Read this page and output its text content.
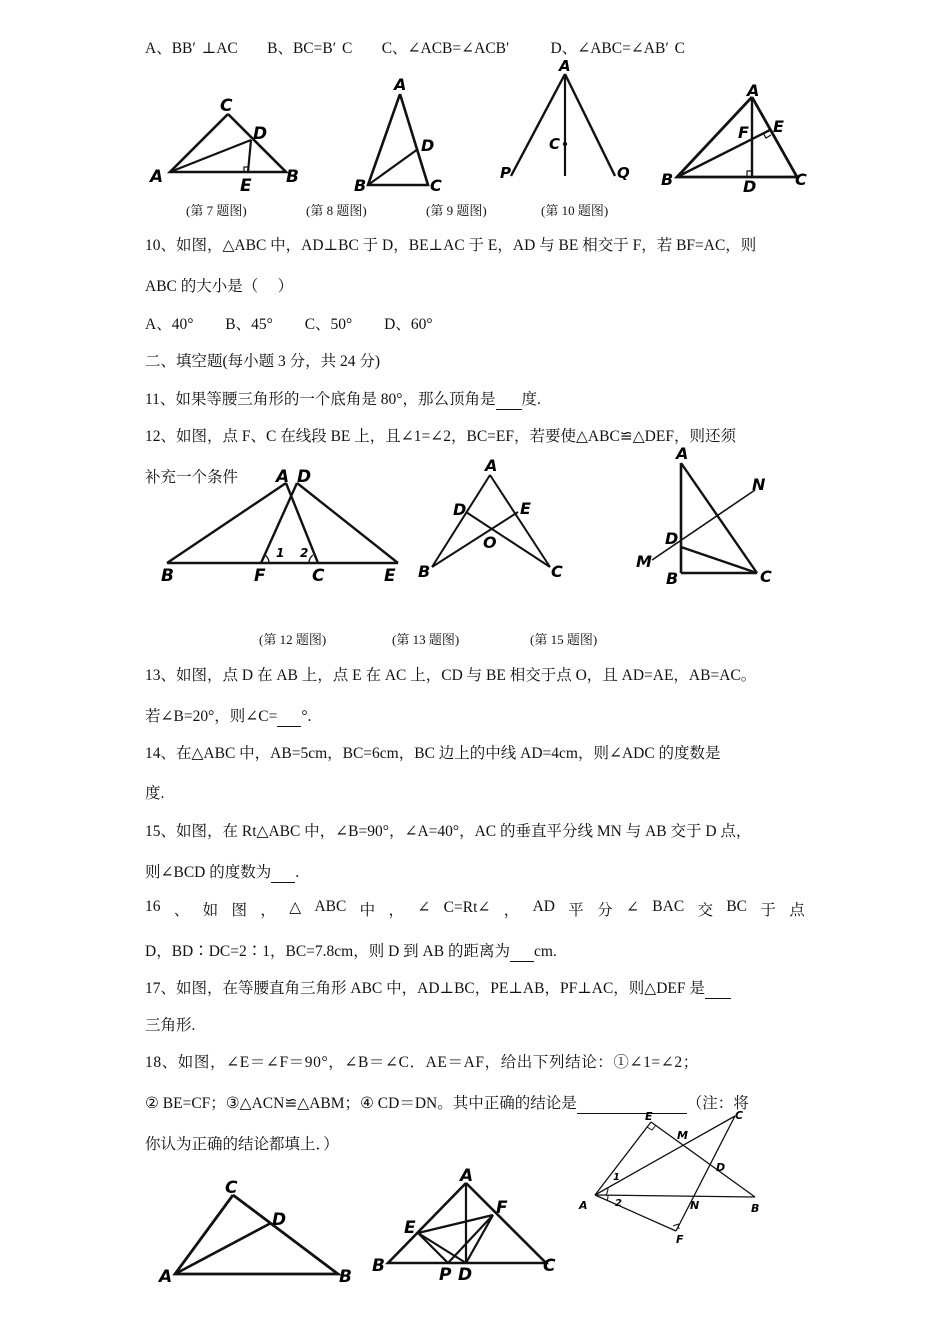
A、BB′ ⊥AC B、BC=B′ C C、∠ACB=∠ACB′	D、∠ABC=∠AB′ C
C
D
A	E B
A
D
B	C
A
C
P	Q
A
E
F
B	D C
(第 7 题图)	(第 8 题图)	(第 9 题图)	(第 10 题图)
10、如图，△ABC 中，AD⊥BC 于 D，BE⊥AC 于 E，AD 与 BE 相交于 F，若 BF=AC，则
ABC 的大小是（　 ）
A、40° B、45° C、50° D、60°
二、填空题(每小题 3 分，共 24 分)
11、如果等腰三角形的一个底角是 80°，那么顶角是 度.
12、如图，点 F、C 在线段 BE 上，且∠1=∠2，BC=EF，若要使△ABC≌△DEF，则还须
补充一个条件 A D
B	F	C	E
1 2
A
D	E
O
B	C
A
N
D
M
B	C
(第 12 题图)	(第 13 题图)	(第 15 题图)
13、如图，点 D 在 AB 上，点 E 在 AC 上，CD 与 BE 相交于点 O，且 AD=AE，AB=AC。
若∠B=20°，则∠C= °.
14、在△ABC 中，AB=5cm，BC=6cm，BC 边上的中线 AD=4cm，则∠ADC 的度数是
度.
15、如图，在 Rt△ABC 中，∠B=90°，∠A=40°，AC 的垂直平分线 MN 与 AB 交于 D 点，
则∠BCD 的度数为 .
16 、 如 图 ， △ ABC 中 ， ∠ C=Rt∠ ， AD 平 分 ∠ BAC 交 BC 于 点
D，BD∶DC=2∶1，BC=7.8cm，则 D 到 AB 的距离为 cm.
17、如图，在等腰直角三角形 ABC 中，AD⊥BC，PE⊥AB，PF⊥AC，则△DEF 是
三角形.
18、如图，∠E＝∠F＝90°，∠B＝∠C．AE＝AF，给出下列结论：①∠1=∠2；
② BE=CF；③△ACN≌△ABM；④ CD＝DN。其中正确的结论是	（注：将
你认为正确的结论都填上．）
C
D
A	B
A
F
E
B	P D	C
E	C
M
D
1
A	2	N	B
F
